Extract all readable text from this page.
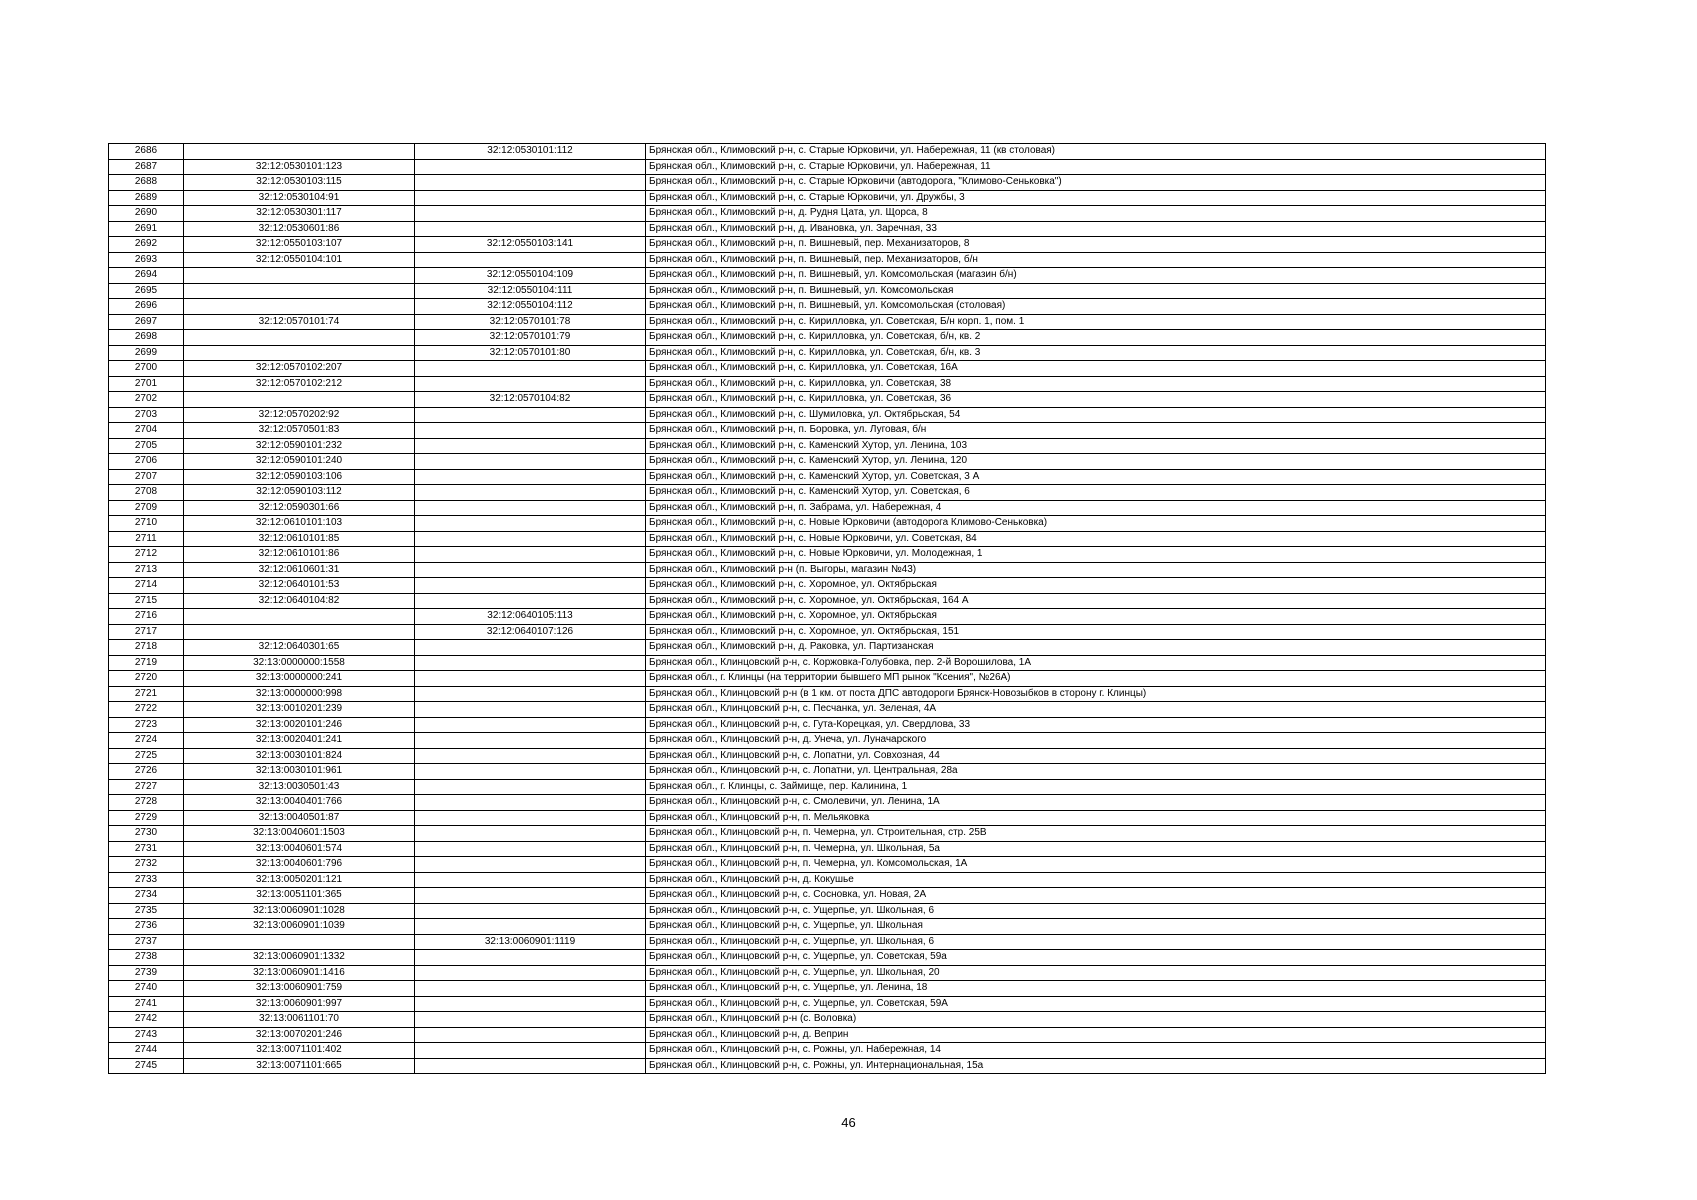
2686		32:12:0530101:112	Брянская обл., Климовский р-н, с. Старые Юрковичи, ул. Набережная, 11 (кв столовая)
2687	32:12:0530101:123		Брянская обл., Климовский р-н, с. Старые Юрковичи, ул. Набережная, 11
2688	32:12:0530103:115		Брянская обл., Климовский р-н, с. Старые Юрковичи (автодорога, "Климово-Сеньковка")
2689	32:12:0530104:91		Брянская обл., Климовский р-н, с. Старые Юрковичи, ул. Дружбы, 3
2690	32:12:0530301:117		Брянская обл., Климовский р-н, д. Рудня Цата, ул. Щорса, 8
2691	32:12:0530601:86		Брянская обл., Климовский р-н, д. Ивановка, ул. Заречная, 33
2692	32:12:0550103:107	32:12:0550103:141	Брянская обл., Климовский р-н, п. Вишневый, пер. Механизаторов, 8
2693	32:12:0550104:101		Брянская обл., Климовский р-н, п. Вишневый, пер. Механизаторов, б/н
2694		32:12:0550104:109	Брянская обл., Климовский р-н, п. Вишневый, ул. Комсомольская (магазин б/н)
2695		32:12:0550104:111	Брянская обл., Климовский р-н, п. Вишневый, ул. Комсомольская
2696		32:12:0550104:112	Брянская обл., Климовский р-н, п. Вишневый, ул. Комсомольская (столовая)
2697	32:12:0570101:74	32:12:0570101:78	Брянская обл., Климовский р-н, с. Кирилловка, ул. Советская, Б/н корп. 1, пом. 1
2698		32:12:0570101:79	Брянская обл., Климовский р-н, с. Кирилловка, ул. Советская, б/н, кв. 2
2699		32:12:0570101:80	Брянская обл., Климовский р-н, с. Кирилловка, ул. Советская, б/н, кв. 3
2700	32:12:0570102:207		Брянская обл., Климовский р-н, с. Кирилловка, ул. Советская, 16А
2701	32:12:0570102:212		Брянская обл., Климовский р-н, с. Кирилловка, ул. Советская, 38
2702		32:12:0570104:82	Брянская обл., Климовский р-н, с. Кирилловка, ул. Советская, 36
2703	32:12:0570202:92		Брянская обл., Климовский р-н, с. Шумиловка, ул. Октябрьская, 54
2704	32:12:0570501:83		Брянская обл., Климовский р-н, п. Боровка, ул. Луговая, б/н
2705	32:12:0590101:232		Брянская обл., Климовский р-н, с. Каменский Хутор, ул. Ленина, 103
2706	32:12:0590101:240		Брянская обл., Климовский р-н, с. Каменский Хутор, ул. Ленина, 120
2707	32:12:0590103:106		Брянская обл., Климовский р-н, с. Каменский Хутор, ул. Советская, 3 А
2708	32:12:0590103:112		Брянская обл., Климовский р-н, с. Каменский Хутор, ул. Советская, 6
2709	32:12:0590301:66		Брянская обл., Климовский р-н, п. Забрама, ул. Набережная, 4
2710	32:12:0610101:103		Брянская обл., Климовский р-н, с. Новые Юрковичи (автодорога Климово-Сеньковка)
2711	32:12:0610101:85		Брянская обл., Климовский р-н, с. Новые Юрковичи, ул. Советская, 84
2712	32:12:0610101:86		Брянская обл., Климовский р-н, с. Новые Юрковичи, ул. Молодежная, 1
2713	32:12:0610601:31		Брянская обл., Климовский р-н (п. Выгоры, магазин №43)
2714	32:12:0640101:53		Брянская обл., Климовский р-н, с. Хоромное, ул. Октябрьская
2715	32:12:0640104:82		Брянская обл., Климовский р-н, с. Хоромное, ул. Октябрьская, 164 А
2716		32:12:0640105:113	Брянская обл., Климовский р-н, с. Хоромное, ул. Октябрьская
2717		32:12:0640107:126	Брянская обл., Климовский р-н, с. Хоромное, ул. Октябрьская, 151
2718	32:12:0640301:65		Брянская обл., Климовский р-н, д. Раковка, ул. Партизанская
2719	32:13:0000000:1558		Брянская обл., Клинцовский р-н, с. Коржовка-Голубовка, пер. 2-й Ворошилова, 1А
2720	32:13:0000000:241		Брянская обл., г. Клинцы (на территории бывшего МП рынок "Ксения", №26А)
2721	32:13:0000000:998		Брянская обл., Клинцовский р-н (в 1 км. от поста ДПС автодороги Брянск-Новозыбков в сторону г. Клинцы)
2722	32:13:0010201:239		Брянская обл., Клинцовский р-н, с. Песчанка, ул. Зеленая, 4А
2723	32:13:0020101:246		Брянская обл., Клинцовский р-н, с. Гута-Корецкая, ул. Свердлова, 33
2724	32:13:0020401:241		Брянская обл., Клинцовский р-н, д. Унеча, ул. Луначарского
2725	32:13:0030101:824		Брянская обл., Клинцовский р-н, с. Лопатни, ул. Совхозная, 44
2726	32:13:0030101:961		Брянская обл., Клинцовский р-н, с. Лопатни, ул. Центральная, 28а
2727	32:13:0030501:43		Брянская обл., г. Клинцы, с. Займище, пер. Калинина, 1
2728	32:13:0040401:766		Брянская обл., Клинцовский р-н, с. Смолевичи, ул. Ленина, 1А
2729	32:13:0040501:87		Брянская обл., Клинцовский р-н, п. Мельяковка
2730	32:13:0040601:1503		Брянская обл., Клинцовский р-н, п. Чемерна, ул. Строительная, стр. 25В
2731	32:13:0040601:574		Брянская обл., Клинцовский р-н, п. Чемерна, ул. Школьная, 5а
2732	32:13:0040601:796		Брянская обл., Клинцовский р-н, п. Чемерна, ул. Комсомольская, 1А
2733	32:13:0050201:121		Брянская обл., Клинцовский р-н, д. Кокушье
2734	32:13:0051101:365		Брянская обл., Клинцовский р-н, с. Сосновка, ул. Новая, 2А
2735	32:13:0060901:1028		Брянская обл., Клинцовский р-н, с. Ущерпье, ул. Школьная, 6
2736	32:13:0060901:1039		Брянская обл., Клинцовский р-н, с. Ущерпье, ул. Школьная
2737		32:13:0060901:1119	Брянская обл., Клинцовский р-н, с. Ущерпье, ул. Школьная, 6
2738	32:13:0060901:1332		Брянская обл., Клинцовский р-н, с. Ущерпье, ул. Советская, 59а
2739	32:13:0060901:1416		Брянская обл., Клинцовский р-н, с. Ущерпье, ул. Школьная, 20
2740	32:13:0060901:759		Брянская обл., Клинцовский р-н, с. Ущерпье, ул. Ленина, 18
2741	32:13:0060901:997		Брянская обл., Клинцовский р-н, с. Ущерпье, ул. Советская, 59А
2742	32:13:0061101:70		Брянская обл., Клинцовский р-н (с. Воловка)
2743	32:13:0070201:246		Брянская обл., Клинцовский р-н, д. Веприн
2744	32:13:0071101:402		Брянская обл., Клинцовский р-н, с. Рожны, ул. Набережная, 14
2745	32:13:0071101:665		Брянская обл., Клинцовский р-н, с. Рожны, ул. Интернациональная, 15а
46
